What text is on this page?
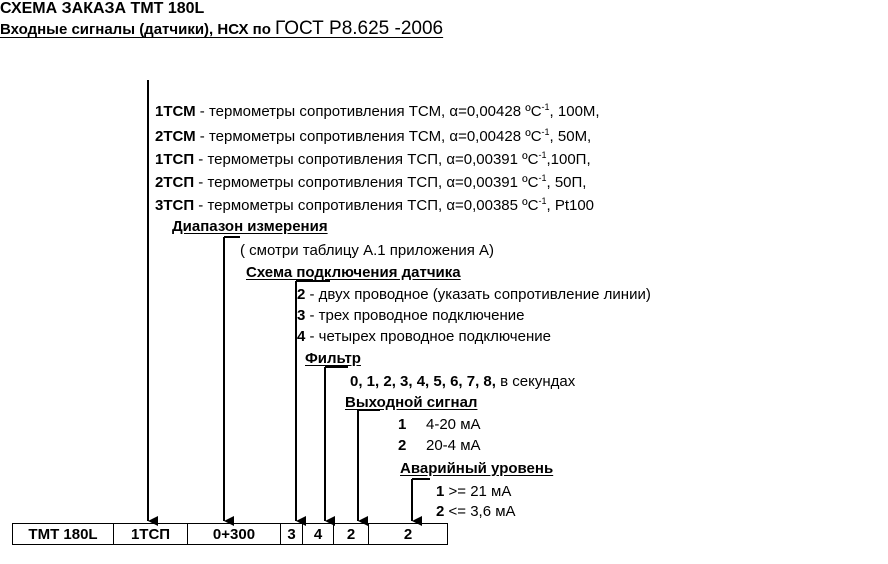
СХЕМА ЗАКАЗА ТМТ 180L
Входные сигналы (датчики), НСХ по ГОСТ Р8.625 -2006
1ТСМ - термометры сопротивления ТСМ, α=0,00428 ºС$^{-1}$, 100М,
2ТСМ - термометры сопротивления ТСМ, α=0,00428 ºС$^{-1}$, 50М,
1ТСП - термометры сопротивления ТСП, α=0,00391 ºС$^{-1}$,100П,
2ТСП - термометры сопротивления ТСП, α=0,00391 ºС$^{-1}$, 50П,
3ТСП - термометры сопротивления ТСП, α=0,00385 ºС$^{-1}$, Pt100
Диапазон измерения
( смотри таблицу А.1 приложения А)
Схема подключения датчика
2 - двух проводное (указать сопротивление линии)
3 - трех проводное подключение
4 - четырех проводное подключение
Фильтр
0, 1, 2, 3, 4, 5, 6, 7, 8, в секундах
Выходной сигнал
1 4-20 мА
2 20-4 мА
Аварийный уровень
1 >= 21 мА
2 <= 3,6 мА
ТМТ 180L	1ТСП	0+300	3	4	2	2
